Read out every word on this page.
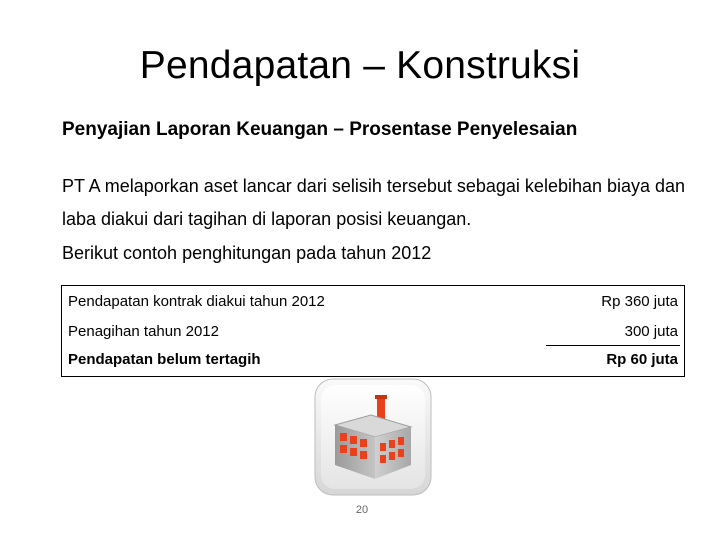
Pendapatan – Konstruksi
Penyajian Laporan Keuangan – Prosentase Penyelesaian
PT A melaporkan aset lancar dari selisih tersebut sebagai kelebihan biaya dan laba diakui dari tagihan di laporan posisi keuangan.
Berikut contoh penghitungan pada tahun 2012
Pendapatan kontrak diakui tahun 2012	Rp 360 juta
Penagihan tahun 2012	300 juta
Pendapatan belum tertagih	Rp 60 juta
20
